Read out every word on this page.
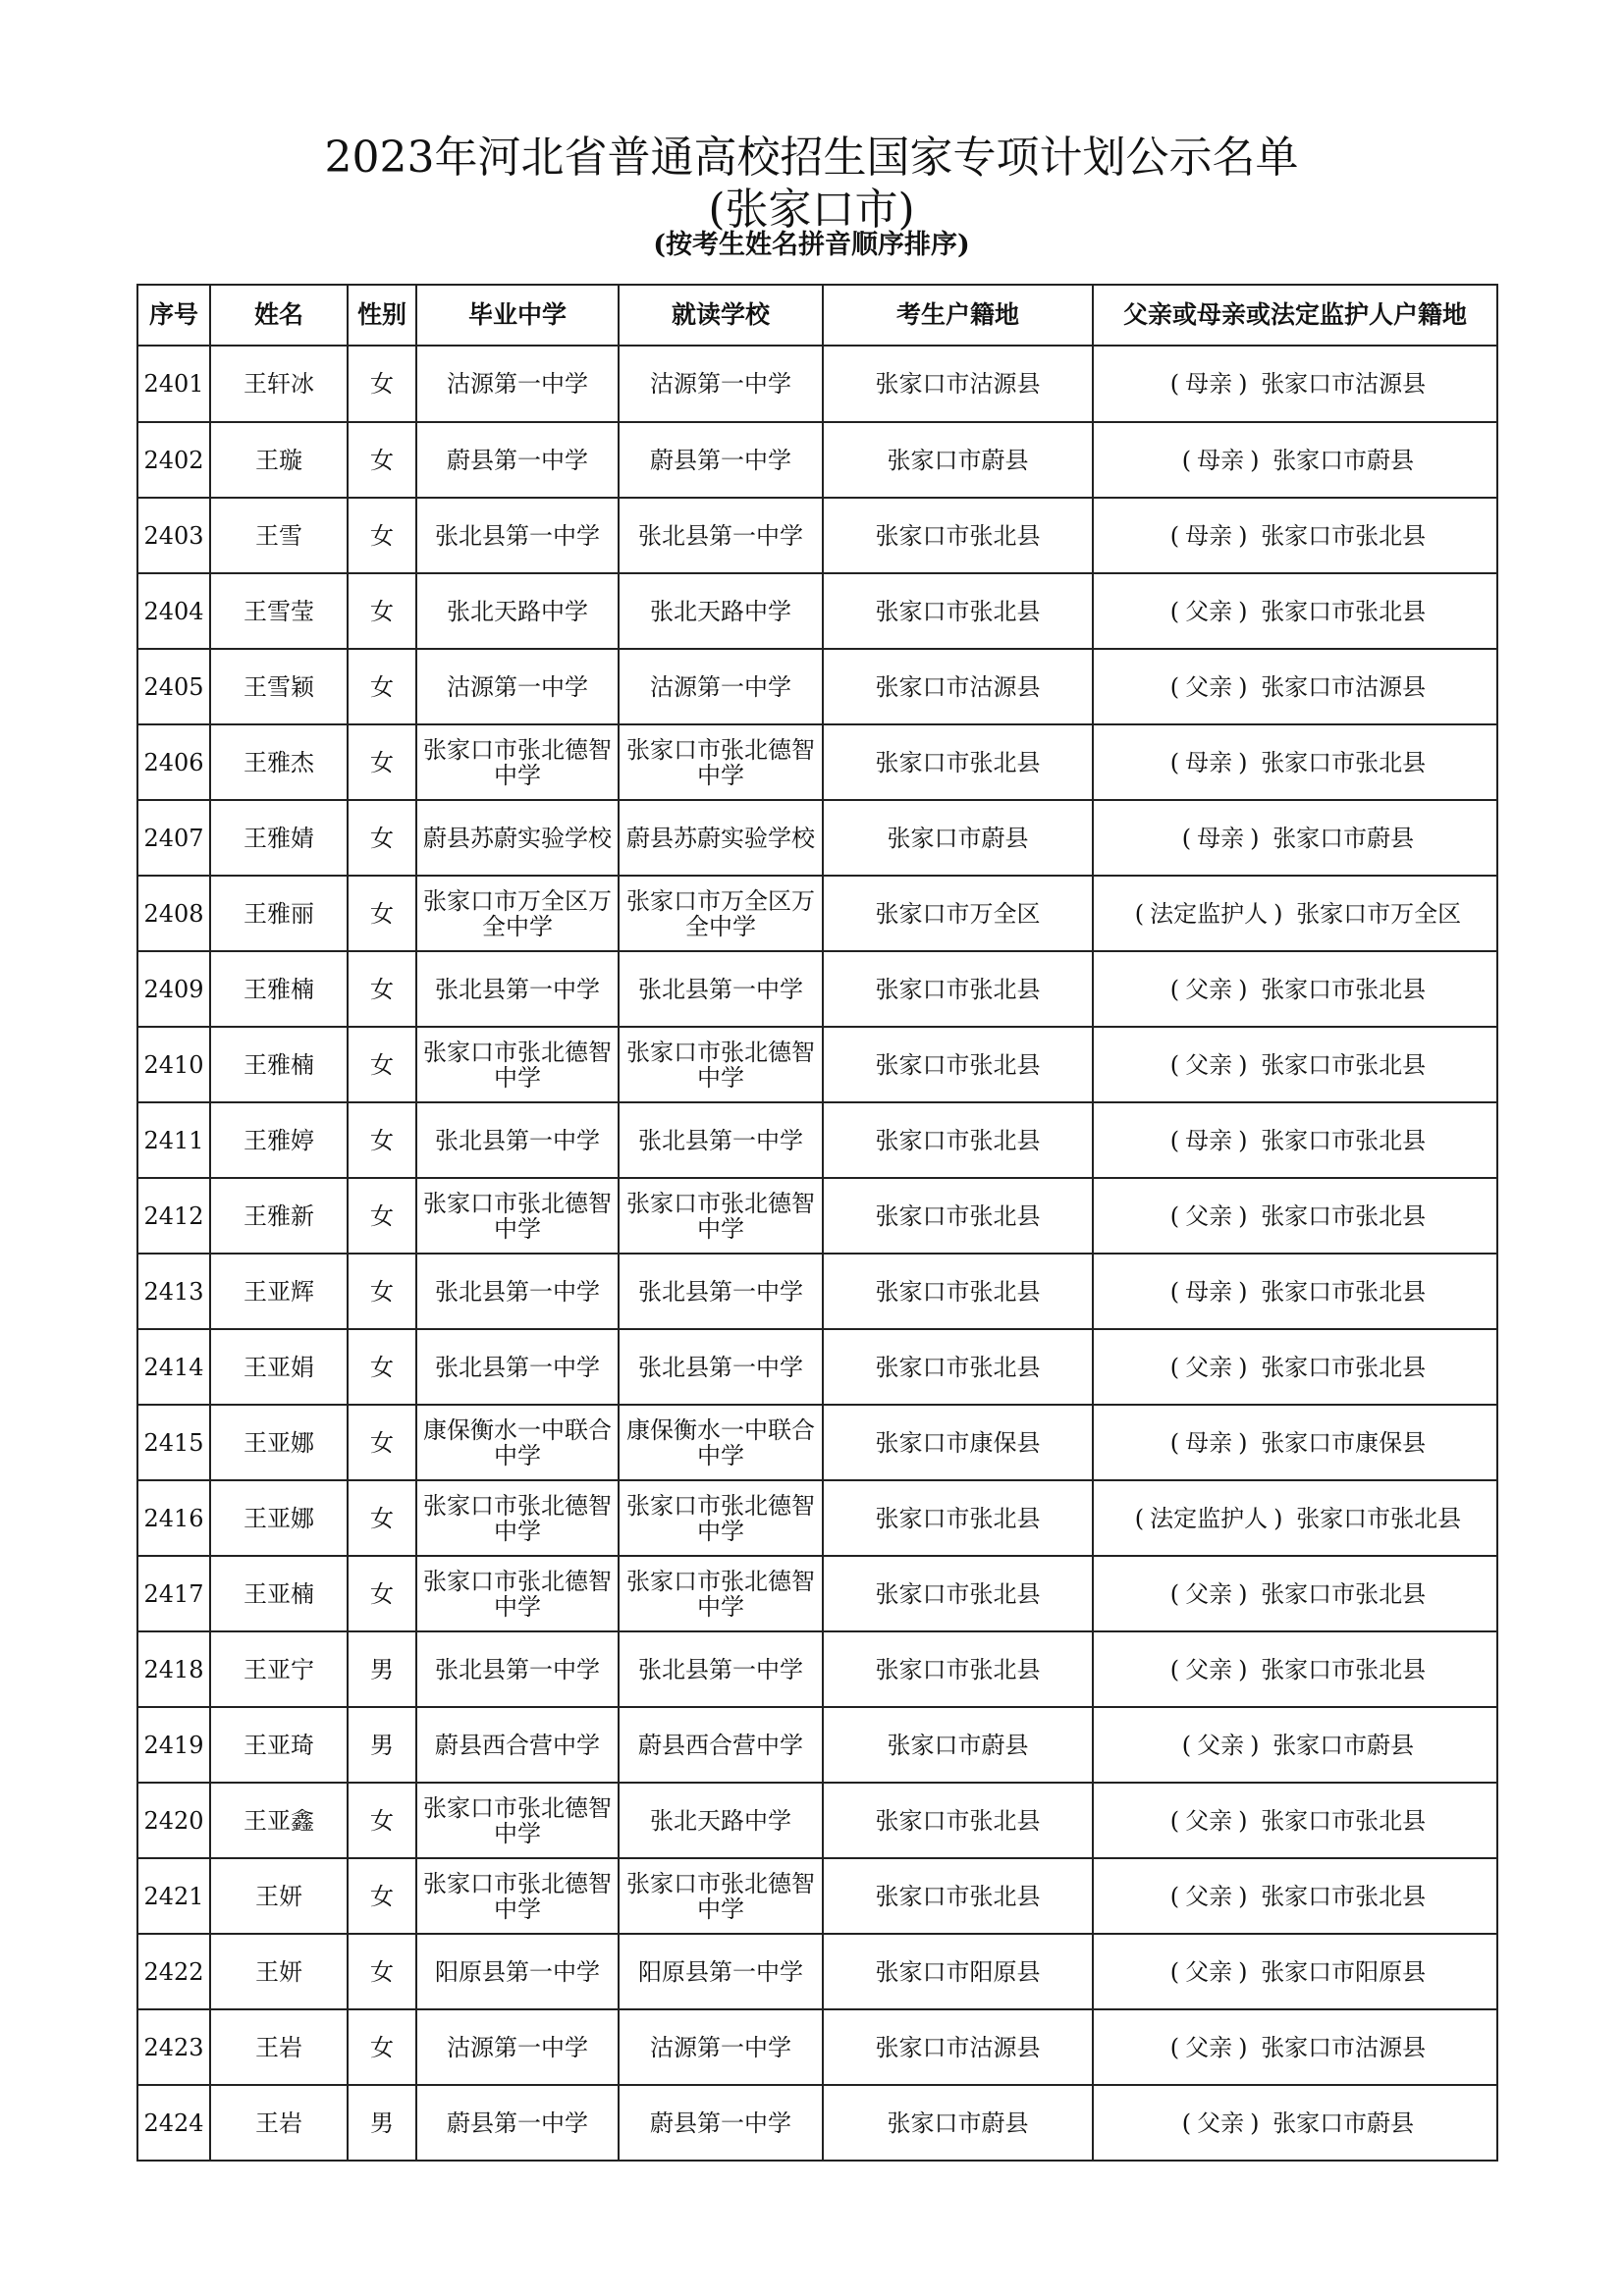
2023年河北省普通高校招生国家专项计划公示名单
(张家口市)
(按考生姓名拼音顺序排序)
序号	姓名	性别	毕业中学	就读学校	考生户籍地	父亲或母亲或法定监护人户籍地
2401	王轩冰	女	沽源第一中学	沽源第一中学	张家口市沽源县	( 母亲 ) 张家口市沽源县
2402	王璇	女	蔚县第一中学	蔚县第一中学	张家口市蔚县	( 母亲 ) 张家口市蔚县
2403	王雪	女	张北县第一中学	张北县第一中学	张家口市张北县	( 母亲 ) 张家口市张北县
2404	王雪莹	女	张北天路中学	张北天路中学	张家口市张北县	( 父亲 ) 张家口市张北县
2405	王雪颖	女	沽源第一中学	沽源第一中学	张家口市沽源县	( 父亲 ) 张家口市沽源县
2406	王雅杰	女	张家口市张北德智中学	张家口市张北德智中学	张家口市张北县	( 母亲 ) 张家口市张北县
2407	王雅婧	女	蔚县苏蔚实验学校	蔚县苏蔚实验学校	张家口市蔚县	( 母亲 ) 张家口市蔚县
2408	王雅丽	女	张家口市万全区万全中学	张家口市万全区万全中学	张家口市万全区	( 法定监护人 ) 张家口市万全区
2409	王雅楠	女	张北县第一中学	张北县第一中学	张家口市张北县	( 父亲 ) 张家口市张北县
2410	王雅楠	女	张家口市张北德智中学	张家口市张北德智中学	张家口市张北县	( 父亲 ) 张家口市张北县
2411	王雅婷	女	张北县第一中学	张北县第一中学	张家口市张北县	( 母亲 ) 张家口市张北县
2412	王雅新	女	张家口市张北德智中学	张家口市张北德智中学	张家口市张北县	( 父亲 ) 张家口市张北县
2413	王亚辉	女	张北县第一中学	张北县第一中学	张家口市张北县	( 母亲 ) 张家口市张北县
2414	王亚娟	女	张北县第一中学	张北县第一中学	张家口市张北县	( 父亲 ) 张家口市张北县
2415	王亚娜	女	康保衡水一中联合中学	康保衡水一中联合中学	张家口市康保县	( 母亲 ) 张家口市康保县
2416	王亚娜	女	张家口市张北德智中学	张家口市张北德智中学	张家口市张北县	( 法定监护人 ) 张家口市张北县
2417	王亚楠	女	张家口市张北德智中学	张家口市张北德智中学	张家口市张北县	( 父亲 ) 张家口市张北县
2418	王亚宁	男	张北县第一中学	张北县第一中学	张家口市张北县	( 父亲 ) 张家口市张北县
2419	王亚琦	男	蔚县西合营中学	蔚县西合营中学	张家口市蔚县	( 父亲 ) 张家口市蔚县
2420	王亚鑫	女	张家口市张北德智中学	张北天路中学	张家口市张北县	( 父亲 ) 张家口市张北县
2421	王妍	女	张家口市张北德智中学	张家口市张北德智中学	张家口市张北县	( 父亲 ) 张家口市张北县
2422	王妍	女	阳原县第一中学	阳原县第一中学	张家口市阳原县	( 父亲 ) 张家口市阳原县
2423	王岩	女	沽源第一中学	沽源第一中学	张家口市沽源县	( 父亲 ) 张家口市沽源县
2424	王岩	男	蔚县第一中学	蔚县第一中学	张家口市蔚县	( 父亲 ) 张家口市蔚县
